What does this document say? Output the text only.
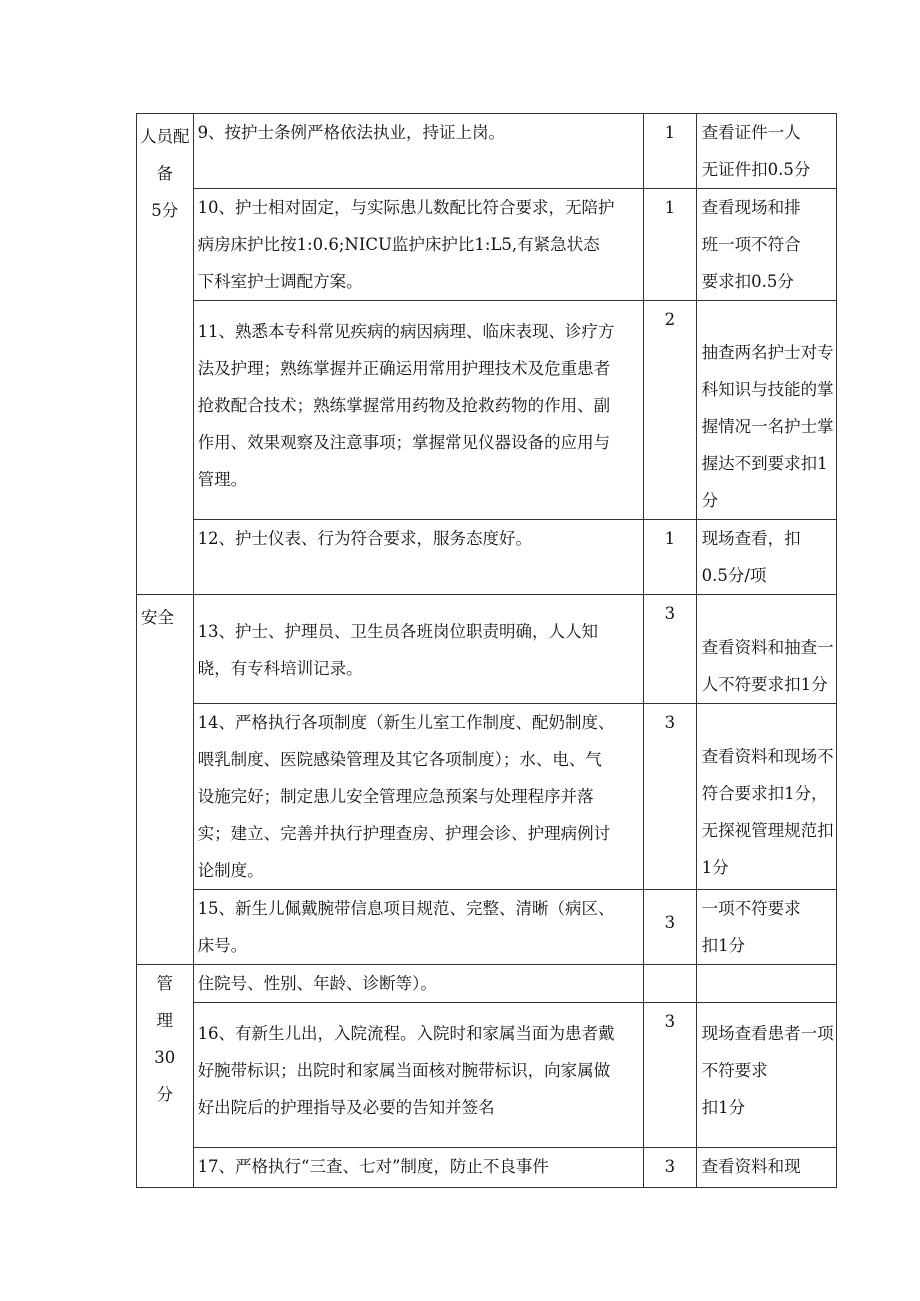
人员配
备
5分	9、按护士条例严格依法执业，持证上岗。	1	查看证件一人
无证件扣0.5分

	10、护士相对固定，与实际患儿数配比符合要求，无陪护
病房床护比按1:0.6;NICU监护床护比1:L5,有紧急状态
下科室护士调配方案。	1	查看现场和排
班一项不符合
要求扣0.5分

	11、熟悉本专科常见疾病的病因病理、临床表现、诊疗方
法及护理；熟练掌握并正确运用常用护理技术及危重患者
抢救配合技术；熟练掌握常用药物及抢救药物的作用、副
作用、效果观察及注意事项；掌握常见仪器设备的应用与
管理。	2	抽查两名护士对专
科知识与技能的掌
握情况一名护士掌
握达不到要求扣1
分

	12、护士仪表、行为符合要求，服务态度好。	1	现场查看，扣
0.5分/项

安全	13、护士、护理员、卫生员各班岗位职责明确，人人知
晓，有专科培训记录。	3	查看资料和抽查一
人不符要求扣1分

	14、严格执行各项制度（新生儿室工作制度、配奶制度、
喂乳制度、医院感染管理及其它各项制度）；水、电、气
设施完好；制定患儿安全管理应急预案与处理程序并落
实；建立、完善并执行护理查房、护理会诊、护理病例讨
论制度。	3	查看资料和现场不
符合要求扣1分，
无探视管理规范扣
1分

	15、新生儿佩戴腕带信息项目规范、完整、清晰（病区、
床号。	3	一项不符要求
扣1分

管
理
30
分	住院号、性别、年龄、诊断等）。		

	16、有新生儿出，入院流程。入院时和家属当面为患者戴
好腕带标识；出院时和家属当面核对腕带标识，向家属做
好出院后的护理指导及必要的告知并签名	3	现场查看患者一项
不符要求
扣1分

	17、严格执行“三查、七对”制度，防止不良事件	3	查看资料和现
